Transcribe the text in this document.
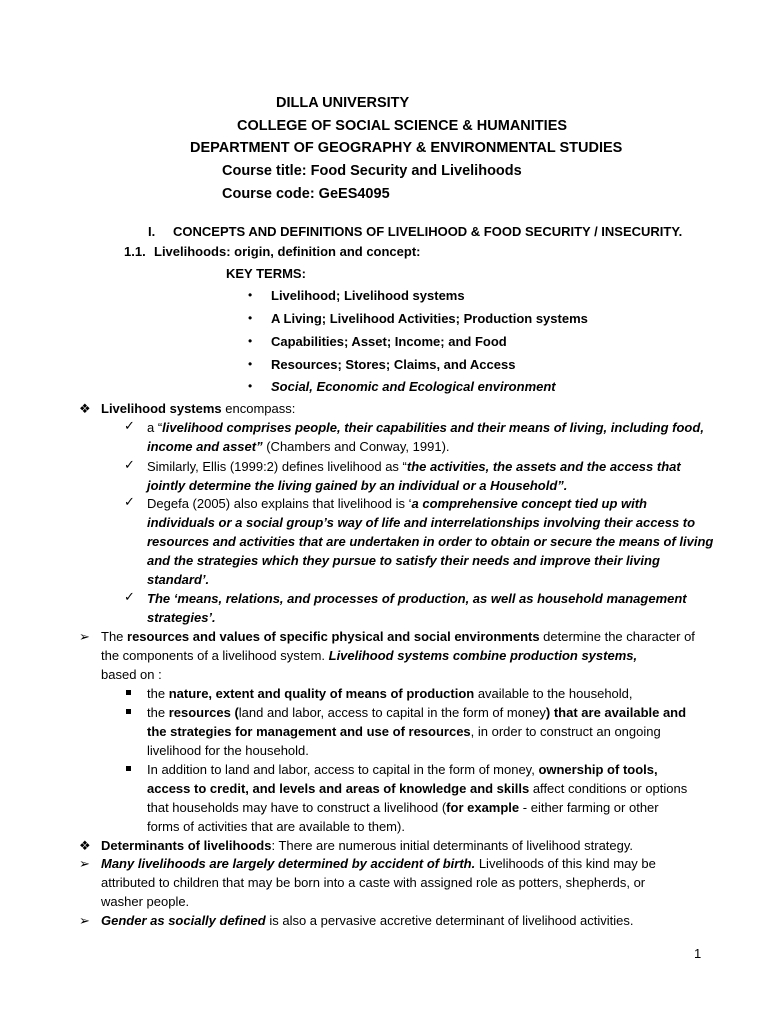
DILLA UNIVERSITY
COLLEGE OF SOCIAL SCIENCE & HUMANITIES
DEPARTMENT OF GEOGRAPHY & ENVIRONMENTAL STUDIES
Course title: Food Security and Livelihoods
Course code: GeES4095
I. CONCEPTS AND DEFINITIONS OF LIVELIHOOD & FOOD SECURITY / INSECURITY.
1.1. Livelihoods: origin, definition and concept:
KEY TERMS:
• Livelihood; Livelihood systems
• A Living; Livelihood Activities; Production systems
• Capabilities; Asset; Income; and Food
• Resources; Stores; Claims, and Access
• Social, Economic and Ecological environment
❖ Livelihood systems encompass:
✓ a “livelihood comprises people, their capabilities and their means of living, including food,
income and asset” (Chambers and Conway, 1991).
✓ Similarly, Ellis (1999:2) defines livelihood as “the activities, the assets and the access that
jointly determine the living gained by an individual or a Household”.
✓ Degefa (2005) also explains that livelihood is ‘a comprehensive concept tied up with
individuals or a social group’s way of life and interrelationships involving their access to
resources and activities that are undertaken in order to obtain or secure the means of living
and the strategies which they pursue to satisfy their needs and improve their living
standard’.
✓ The ‘means, relations, and processes of production, as well as household management
strategies’.
➢ The resources and values of specific physical and social environments determine the character of
the components of a livelihood system. Livelihood systems combine production systems,
based on :
the nature, extent and quality of means of production available to the household,
the resources (land and labor, access to capital in the form of money) that are available and
the strategies for management and use of resources, in order to construct an ongoing
livelihood for the household.
In addition to land and labor, access to capital in the form of money, ownership of tools,
access to credit, and levels and areas of knowledge and skills affect conditions or options
that households may have to construct a livelihood (for example - either farming or other
forms of activities that are available to them).
❖ Determinants of livelihoods: There are numerous initial determinants of livelihood strategy.
➢ Many livelihoods are largely determined by accident of birth. Livelihoods of this kind may be
attributed to children that may be born into a caste with assigned role as potters, shepherds, or
washer people.
➢ Gender as socially defined is also a pervasive accretive determinant of livelihood activities.
1
